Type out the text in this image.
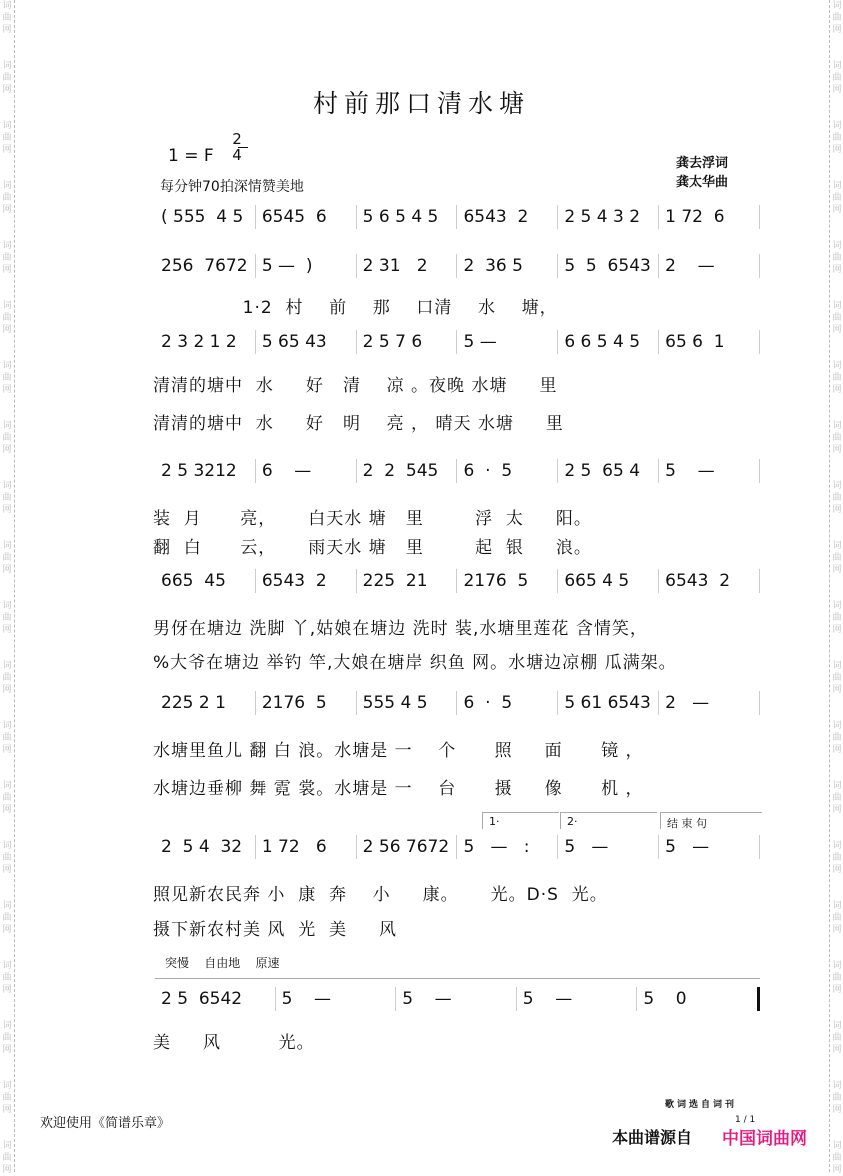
词曲网
词曲网
词曲网
词曲网
词曲网
词曲网
词曲网
词曲网
词曲网
词曲网
词曲网
词曲网
词曲网
词曲网
词曲网
词曲网
词曲网
词曲网
词曲网
词曲网
词曲网
词曲网
词曲网
词曲网
词曲网
词曲网
词曲网
词曲网
词曲网
词曲网
词曲网
词曲网
词曲网
词曲网
词曲网
词曲网
词曲网
词曲网
词曲网
词曲网
村前那口清水塘
1 = F
2
4
每分钟70拍深情赞美地
龚去浮词
龚太华曲
( 555  4 5	6545  6	5 6 5 4 5	6543  2	2 5 4 3 2	1 72  6
256  7672 5 —  )	2 31   2	2  36 5	5  5  6543 2    —
1·2  村    前    那    口清    水    塘，
2 3 2 1 2	5 65 43	2 5 7 6	5 —	6 6 5 4 5	65 6  1
清清的塘中  水     好   清    凉 。夜晚 水塘     里
清清的塘中  水     好   明    亮 ， 晴天 水塘     里
2 5 3212	6    —	2  2  545	6  ·  5	2 5  65 4	5    —
装  月      亮，     白天水 塘   里        浮  太     阳。
翻  白      云，     雨天水 塘   里        起  银     浪。
665  45	6543  2	225  21	2176  5	665 4 5	6543  2
男伢在塘边 洗脚 丫,姑娘在塘边 洗时 装,水塘里莲花 含情笑，
%大爷在塘边 举钓 竿,大娘在塘岸 织鱼 网。水塘边凉棚 瓜满架。
225 2 1	2176  5	555 4 5	6  ·  5	5 61 6543 2   —
水塘里鱼儿 翻 白 浪。水塘是 一    个      照     面      镜 ，
水塘边垂柳 舞 霓 裳。水塘是 一    台      摄     像      机 ，
2  5 4  32	1 72   6	2 56 7672 5   —   :	5   —	5   —
照见新农民奔 小  康  奔    小     康。     光。D·S  光。
摄下新农村美 风  光  美     风
1·	2·	结 束 句
2 5  6542	5    —	5    —	5    —	5    0
美     风         光。
突慢    自由地    原速
欢迎使用《简谱乐章》
歌词选自词刊
1 / 1
本曲谱源自 中国词曲网
